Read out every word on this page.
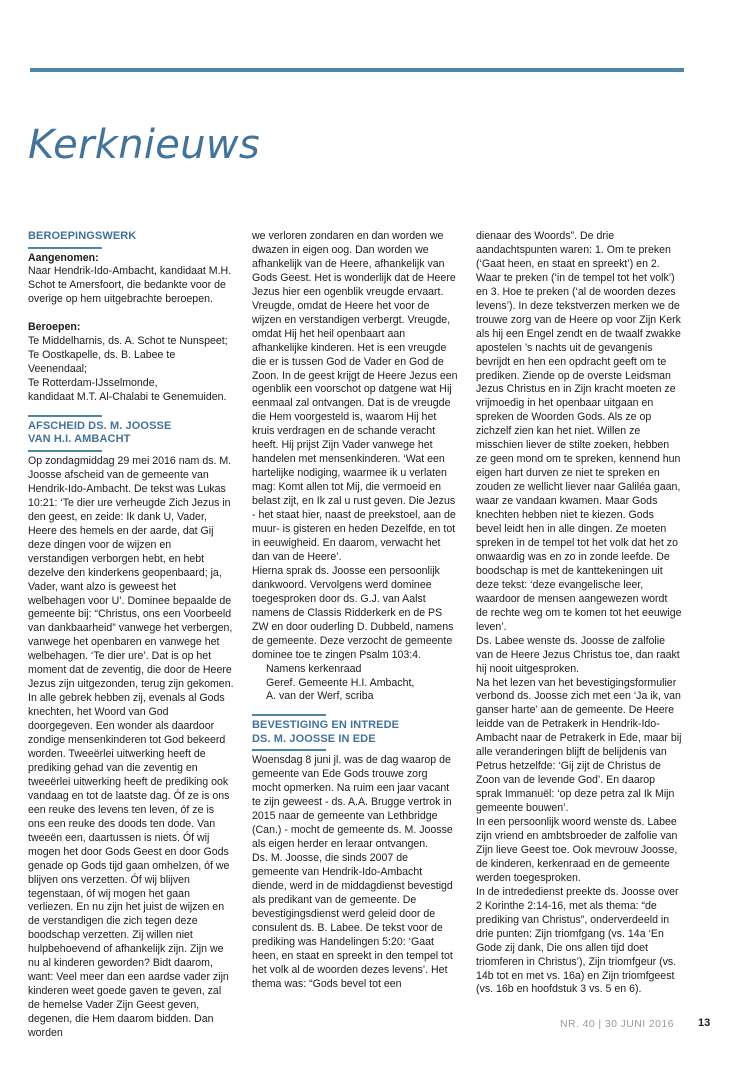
Kerknieuws

BEROEPINGSWERK

Aangenomen:

Naar Hendrik-Ido-Ambacht, kandidaat M.H. Schot te Amersfoort, die bedankte voor de overige op hem uitgebrachte beroepen.

Beroepen:

Te Middelharnis, ds. A. Schot te Nunspeet;

Te Oostkapelle, ds. B. Labee te Veenendaal;

Te Rotterdam-IJsselmonde,

kandidaat M.T. Al-Chalabi te Genemuiden.

AFSCHEID DS. M. JOOSSE
VAN H.I. AMBACHT

Op zondagmiddag 29 mei 2016 nam ds. M. Joosse afscheid van de gemeente van Hendrik-Ido-Ambacht. De tekst was Lukas 10:21: ‘Te dier ure verheugde Zich Jezus in den geest, en zeide: Ik dank U, Vader, Heere des hemels en der aarde, dat Gij deze dingen voor de wijzen en verstandigen verborgen hebt, en hebt dezelve den kinderkens geopenbaard; ja, Vader, want alzo is geweest het welbehagen voor U’. Dominee bepaalde de gemeente bij: “Christus, ons een Voorbeeld van dankbaarheid” vanwege het verbergen, vanwege het openbaren en vanwege het welbehagen. ‘Te dier ure’. Dat is op het moment dat de zeventig, die door de Heere Jezus zijn uitgezonden, terug zijn gekomen. In alle gebrek hebben zij, evenals al Gods knechten, het Woord van God doorgegeven. Een wonder als daardoor zondige mensenkinderen tot God bekeerd worden. Tweeërlei uitwerking heeft de prediking gehad van die zeventig en tweeërlei uitwerking heeft de prediking ook vandaag en tot de laatste dag. Óf ze is ons een reuke des levens ten leven, óf ze is ons een reuke des doods ten dode. Van tweeën een, daartussen is niets. Óf wij mogen het door Gods Geest en door Gods genade op Gods tijd gaan omhelzen, óf we blijven ons verzetten. Óf wij blijven tegenstaan, óf wij mogen het gaan verliezen. En nu zijn het juist de wijzen en de verstandigen die zich tegen deze boodschap verzetten. Zij willen niet hulpbehoevend of afhankelijk zijn. Zijn we nu al kinderen geworden? Bidt daarom, want: Veel meer dan een aardse vader zijn kinderen weet goede gaven te geven, zal de hemelse Vader Zijn Geest geven, degenen, die Hem daarom bidden. Dan worden

we verloren zondaren en dan worden we dwazen in eigen oog. Dan worden we afhankelijk van de Heere, afhankelijk van Gods Geest. Het is wonderlijk dat de Heere Jezus hier een ogenblik vreugde ervaart. Vreugde, omdat de Heere het voor de wijzen en verstandigen verbergt. Vreugde, omdat Hij het heil openbaart aan afhankelijke kinderen. Het is een vreugde die er is tussen God de Vader en God de Zoon. In de geest krijgt de Heere Jezus een ogenblik een voorschot op datgene wat Hij eenmaal zal ontvangen. Dat is de vreugde die Hem voorgesteld is, waarom Hij het kruis verdragen en de schande veracht heeft. Hij prijst Zijn Vader vanwege het handelen met mensenkinderen. ‘Wat een hartelijke nodiging, waarmee ik u verlaten mag: Komt allen tot Mij, die vermoeid en belast zijt, en Ik zal u rust geven. Die Jezus - het staat hier, naast de preekstoel, aan de muur- is gisteren en heden Dezelfde, en tot in eeuwigheid. En daarom, verwacht het dan van de Heere’.

Hierna sprak ds. Joosse een persoonlijk dankwoord. Vervolgens werd dominee toegesproken door ds. G.J. van Aalst namens de Classis Ridderkerk en de PS ZW en door ouderling D. Dubbeld, namens de gemeente. Deze verzocht de gemeente dominee toe te zingen Psalm 103:4.

Namens kerkenraad

Geref. Gemeente H.I. Ambacht,

A. van der Werf, scriba

BEVESTIGING EN INTREDE
DS. M. JOOSSE IN EDE

Woensdag 8 juni jl. was de dag waarop de gemeente van Ede Gods trouwe zorg mocht opmerken. Na ruim een jaar vacant te zijn geweest - ds. A.A. Brugge vertrok in 2015 naar de gemeente van Lethbridge (Can.) - mocht de gemeente ds. M. Joosse als eigen herder en leraar ontvangen.

Ds. M. Joosse, die sinds 2007 de gemeente van Hendrik-Ido-Ambacht diende, werd in de middagdienst bevestigd als predikant van de gemeente. De bevestigingsdienst werd geleid door de consulent ds. B. Labee. De tekst voor de prediking was Handelingen 5:20: ‘Gaat heen, en staat en spreekt in den tempel tot het volk al de woorden dezes levens’. Het thema was: “Gods bevel tot een

dienaar des Woords”. De drie aandachtspunten waren: 1. Om te preken (‘Gaat heen, en staat en spreekt’) en 2. Waar te preken (‘in de tempel tot het volk’) en 3. Hoe te preken (‘al de woorden dezes levens’). In deze tekstverzen merken we de trouwe zorg van de Heere op voor Zijn Kerk als hij een Engel zendt en de twaalf zwakke apostelen ’s nachts uit de gevangenis bevrijdt en hen een opdracht geeft om te prediken. Ziende op de overste Leidsman Jezus Christus en in Zijn kracht moeten ze vrijmoedig in het openbaar uitgaan en spreken de Woorden Gods. Als ze op zichzelf zien kan het niet. Willen ze misschien liever de stilte zoeken, hebben ze geen mond om te spreken, kennend hun eigen hart durven ze niet te spreken en zouden ze wellicht liever naar Galiléa gaan, waar ze vandaan kwamen. Maar Gods knechten hebben niet te kiezen. Gods bevel leidt hen in alle dingen. Ze moeten spreken in de tempel tot het volk dat het zo onwaardig was en zo in zonde leefde. De boodschap is met de kanttekeningen uit deze tekst: ‘deze evangelische leer, waardoor de mensen aangewezen wordt de rechte weg om te komen tot het eeuwige leven’.

Ds. Labee wenste ds. Joosse de zalfolie van de Heere Jezus Christus toe, dan raakt hij nooit uitgesproken.

Na het lezen van het bevestigingsformulier verbond ds. Joosse zich met een ‘Ja ik, van ganser harte’ aan de gemeente. De Heere leidde van de Petrakerk in Hendrik-Ido-Ambacht naar de Petrakerk in Ede, maar bij alle veranderingen blijft de belijdenis van Petrus hetzelfde: ‘Gij zijt de Christus de Zoon van de levende God’. En daarop sprak Immanuël: ‘op deze petra zal Ik Mijn gemeente bouwen’.

In een persoonlijk woord wenste ds. Labee zijn vriend en ambtsbroeder de zalfolie van Zijn lieve Geest toe. Ook mevrouw Joosse, de kinderen, kerkenraad en de gemeente werden toegesproken.

In de intrededienst preekte ds. Joosse over 2 Korinthe 2:14-16, met als thema: “de prediking van Christus”, onderverdeeld in drie punten: Zijn triomfgang (vs. 14a ‘En Gode zij dank, Die ons allen tijd doet triomferen in Christus’), Zijn triomfgeur (vs. 14b tot en met vs. 16a) en Zijn triomfgeest (vs. 16b en hoofdstuk 3 vs. 5 en 6).

NR. 40 | 30 JUNI 2016 13
